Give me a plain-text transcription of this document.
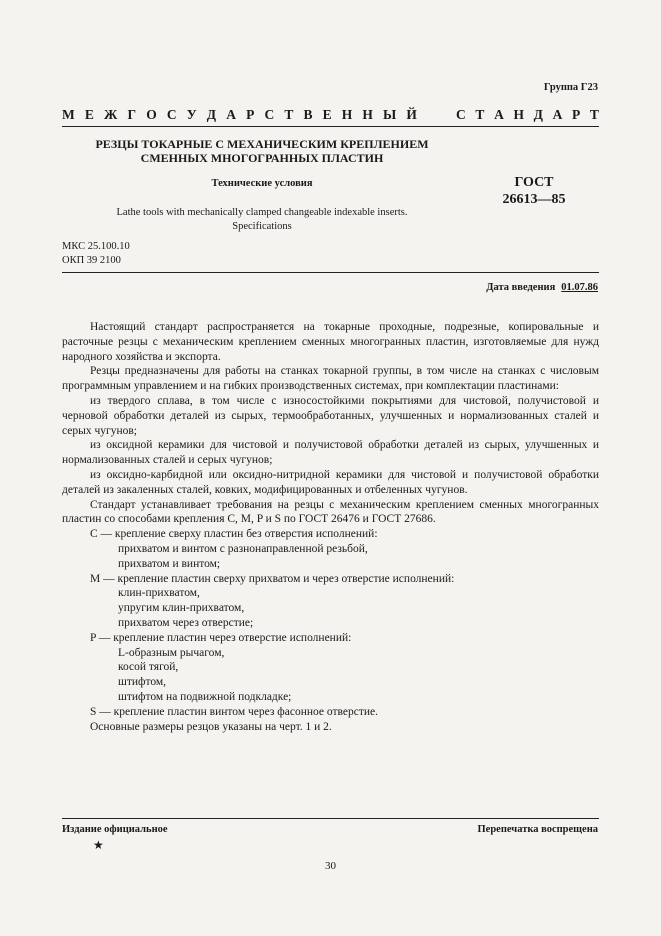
Группа Г23
М Е Ж Г О С У Д А Р С Т В Е Н Н Ы Й	С Т А Н Д А Р Т
РЕЗЦЫ ТОКАРНЫЕ С МЕХАНИЧЕСКИМ КРЕПЛЕНИЕМ
СМЕННЫХ МНОГОГРАННЫХ ПЛАСТИН
Технические условия	ГОСТ
26613—85
Lathe tools with mechanically clamped changeable indexable inserts.
Specifications
МКС 25.100.10
ОКП 39 2100
Дата введения 01.07.86

Настоящий стандарт распространяется на токарные проходные, подрезные, копировальные и расточные резцы с механическим креплением сменных многогранных пластин, изготовляемые для нужд народного хозяйства и экспорта.

Резцы предназначены для работы на станках токарной группы, в том числе на станках с числовым программным управлением и на гибких производственных системах, при комплектации пластинами:

из твердого сплава, в том числе с износостойкими покрытиями для чистовой, получистовой и черновой обработки деталей из сырых, термообработанных, улучшенных и нормализованных сталей и серых чугунов;

из оксидной керамики для чистовой и получистовой обработки деталей из сырых, улучшенных и нормализованных сталей и серых чугунов;

из оксидно-карбидной или оксидно-нитридной керамики для чистовой и получистовой обработки деталей из закаленных сталей, ковких, модифицированных и отбеленных чугунов.

Стандарт устанавливает требования на резцы с механическим креплением сменных многогранных пластин со способами крепления C, M, P и S по ГОСТ 26476 и ГОСТ 27686.

C — крепление сверху пластин без отверстия исполнений:

прихватом и винтом с разнонаправленной резьбой,

прихватом и винтом;

M — крепление пластин сверху прихватом и через отверстие исполнений:

клин-прихватом,

упругим клин-прихватом,

прихватом через отверстие;

P — крепление пластин через отверстие исполнений:

L-образным рычагом,

косой тягой,

штифтом,

штифтом на подвижной подкладке;

S — крепление пластин винтом через фасонное отверстие.

Основные размеры резцов указаны на черт. 1 и 2.

Издание официальное
★
Перепечатка воспрещена
30
